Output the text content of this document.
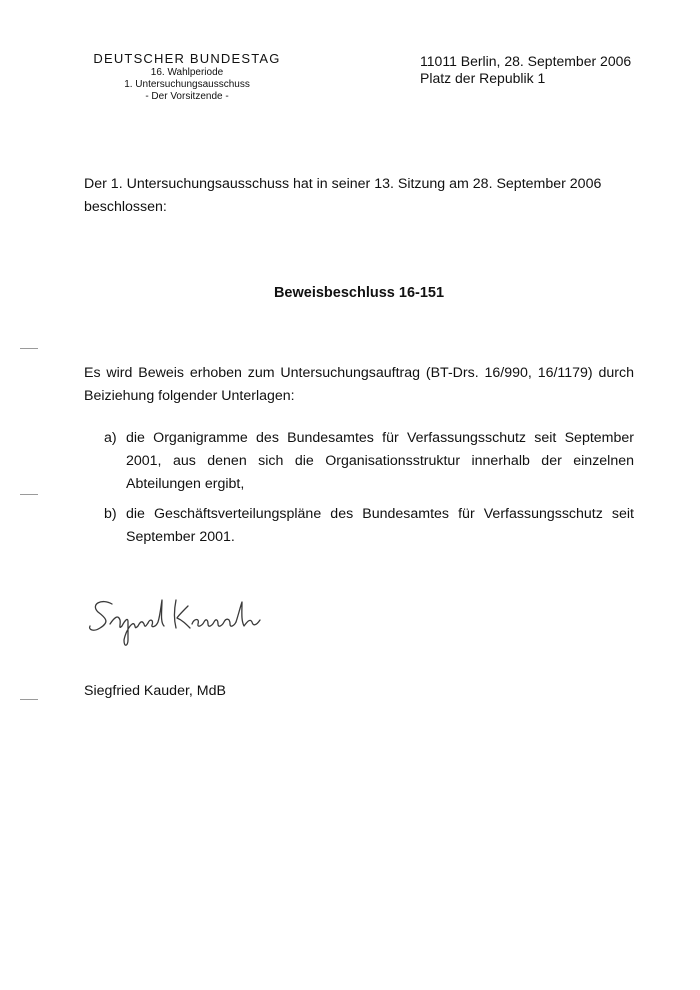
DEUTSCHER BUNDESTAG
16. Wahlperiode
1. Untersuchungsausschuss
- Der Vorsitzende -
11011 Berlin, 28. September 2006
Platz der Republik 1
Der 1. Untersuchungsausschuss hat in seiner 13. Sitzung am 28. September 2006 beschlossen:
Beweisbeschluss 16-151
Es wird Beweis erhoben zum Untersuchungsauftrag (BT-Drs. 16/990, 16/1179) durch Beiziehung folgender Unterlagen:
a) die Organigramme des Bundesamtes für Verfassungsschutz seit September 2001, aus denen sich die Organisationsstruktur innerhalb der einzelnen Abteilungen ergibt,
b) die Geschäftsverteilungspläne des Bundesamtes für Verfassungsschutz seit September 2001.
Siegfried Kauder, MdB
